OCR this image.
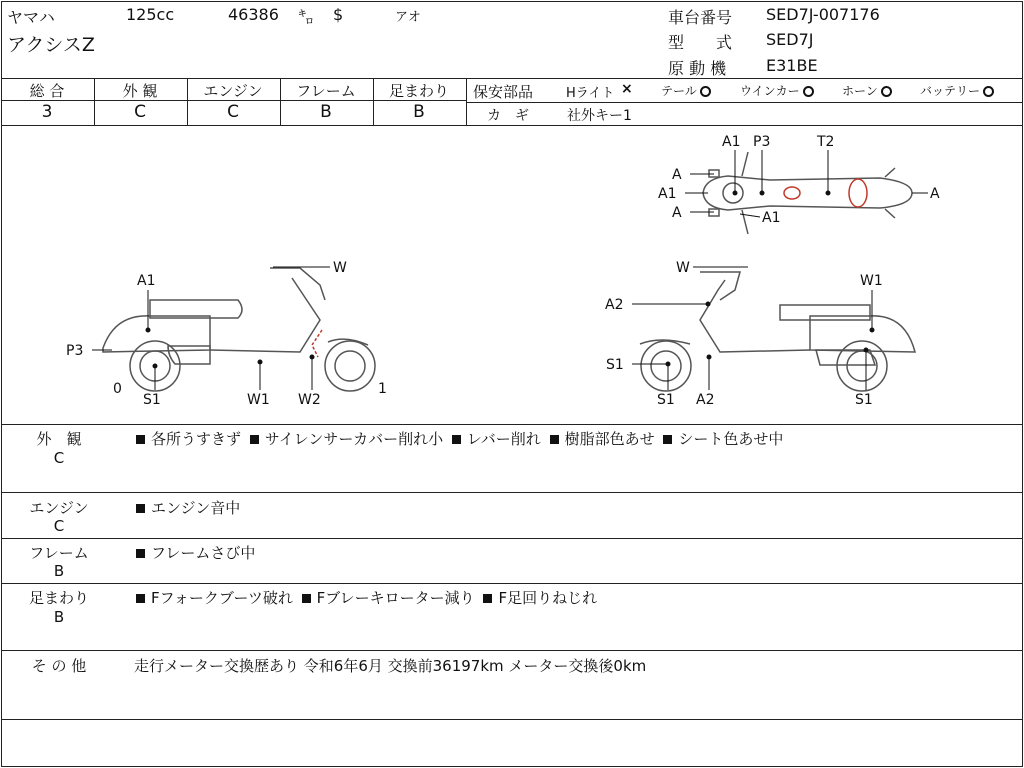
ヤマハ	125cc	46386 ㌔ $	アオ
アクシスZ
車台番号 SED7J-007176
型　　式 SED7J
原 動 機 E31BE
総 合	外 観	エンジン	フレーム	足まわり
3	C	C	B	B
保安部品	Hライト × テール	ウインカー	ホーン	バッテリー
カ　ギ	社外キー1
A1 P3	T2
A
A1
A
A	A1
A1
W
P3
0
S1	W1 W2
1
W
A2
W1
S1
S1 A2	S1
外　観
C
各所うすきず サイレンサーカバー削れ小 レバー削れ 樹脂部色あせ シート色あせ中
エンジン
C
エンジン音中
フレーム
B
フレームさび中
足まわり
B
Fフォークブーツ破れ Fブレーキローター減り F足回りねじれ
そ の 他	走行メーター交換歴あり 令和6年6月 交換前36197km メーター交換後0km
